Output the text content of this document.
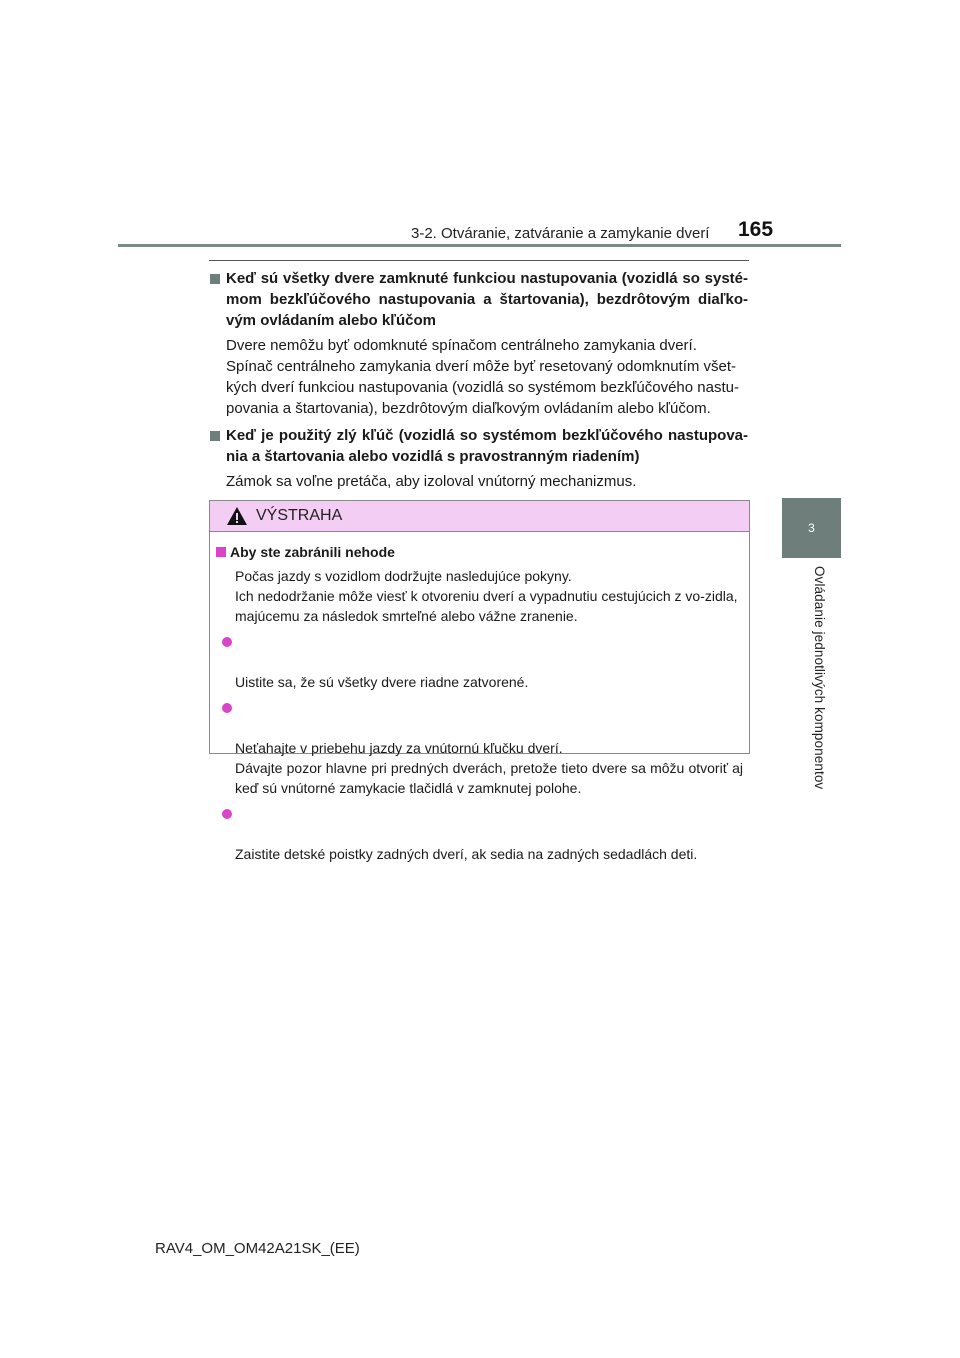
3-2. Otváranie, zatváranie a zamykanie dverí 165
3
Ovládanie jednotlivých komponentov
Keď sú všetky dvere zamknuté funkciou nastupovania (vozidlá so systé-mom bezkľúčového nastupovania a štartovania), bezdrôtovým diaľko-vým ovládaním alebo kľúčom
Dvere nemôžu byť odomknuté spínačom centrálneho zamykania dverí.
Spínač centrálneho zamykania dverí môže byť resetovaný odomknutím všet-kých dverí funkciou nastupovania (vozidlá so systémom bezkľúčového nastu-povania a štartovania), bezdrôtovým diaľkovým ovládaním alebo kľúčom.
Keď je použitý zlý kľúč (vozidlá so systémom bezkľúčového nastupova-nia a štartovania alebo vozidlá s pravostranným riadením)
Zámok sa voľne pretáča, aby izoloval vnútorný mechanizmus.
VÝSTRAHA
Aby ste zabránili nehode
Počas jazdy s vozidlom dodržujte nasledujúce pokyny.
Ich nedodržanie môže viesť k otvoreniu dverí a vypadnutiu cestujúcich z vo-zidla, majúcemu za následok smrteľné alebo vážne zranenie.

Uistite sa, že sú všetky dvere riadne zatvorené.

Neťahajte v priebehu jazdy za vnútornú kľučku dverí.
Dávajte pozor hlavne pri predných dverách, pretože tieto dvere sa môžu otvoriť aj keď sú vnútorné zamykacie tlačidlá v zamknutej polohe.

Zaistite detské poistky zadných dverí, ak sedia na zadných sedadlách deti.

RAV4_OM_OM42A21SK_(EE)
